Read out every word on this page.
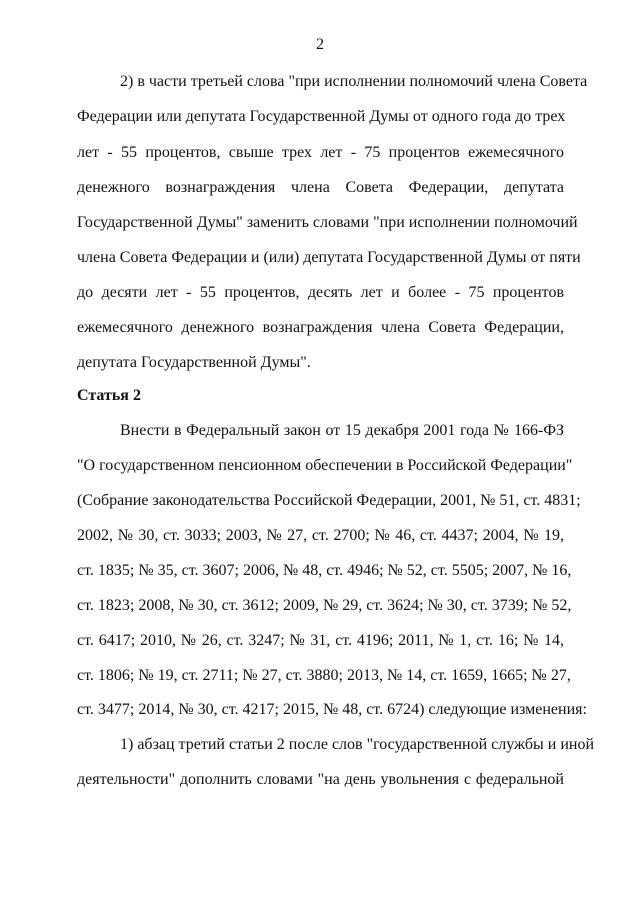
2
2) в части третьей слова "при исполнении полномочий члена Совета
Федерации или депутата Государственной Думы от одного года до трех
лет - 55 процентов, свыше трех лет - 75 процентов ежемесячного
денежного вознаграждения члена Совета Федерации, депутата
Государственной Думы" заменить словами "при исполнении полномочий
члена Совета Федерации и (или) депутата Государственной Думы от пяти
до десяти лет - 55 процентов, десять лет и более - 75 процентов
ежемесячного денежного вознаграждения члена Совета Федерации,
депутата Государственной Думы".
Статья 2
Внести в Федеральный закон от 15 декабря 2001 года № 166-ФЗ
"О государственном пенсионном обеспечении в Российской Федерации"
(Собрание законодательства Российской Федерации, 2001, № 51, ст. 4831;
2002, № 30, ст. 3033; 2003, № 27, ст. 2700; № 46, ст. 4437; 2004, № 19,
ст. 1835; № 35, ст. 3607; 2006, № 48, ст. 4946; № 52, ст. 5505; 2007, № 16,
ст. 1823; 2008, № 30, ст. 3612; 2009, № 29, ст. 3624; № 30, ст. 3739; № 52,
ст. 6417; 2010, № 26, ст. 3247; № 31, ст. 4196; 2011, № 1, ст. 16; № 14,
ст. 1806; № 19, ст. 2711; № 27, ст. 3880; 2013, № 14, ст. 1659, 1665; № 27,
ст. 3477; 2014, № 30, ст. 4217; 2015, № 48, ст. 6724) следующие изменения:
1) абзац третий статьи 2 после слов "государственной службы и иной
деятельности" дополнить словами "на день увольнения с федеральной
